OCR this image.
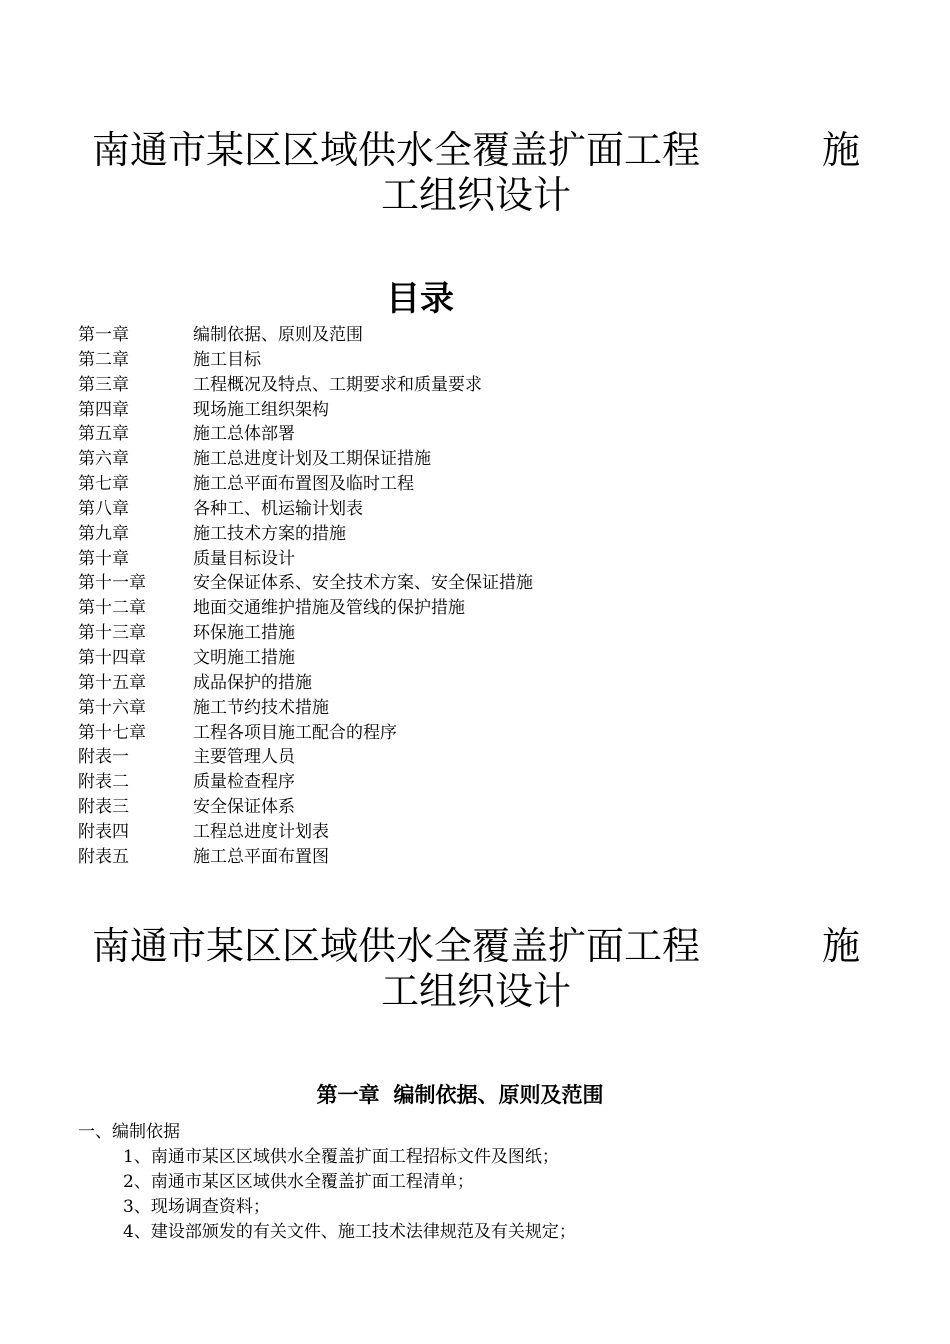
南通市某区区域供水全覆盖扩面工程	施
工组织设计
目录
第一章	编制依据、原则及范围
第二章	施工目标
第三章	工程概况及特点、工期要求和质量要求
第四章	现场施工组织架构
第五章	施工总体部署
第六章	施工总进度计划及工期保证措施
第七章	施工总平面布置图及临时工程
第八章	各种工、机运输计划表
第九章	施工技术方案的措施
第十章	质量目标设计
第十一章	安全保证体系、安全技术方案、安全保证措施
第十二章	地面交通维护措施及管线的保护措施
第十三章	环保施工措施
第十四章	文明施工措施
第十五章	成品保护的措施
第十六章	施工节约技术措施
第十七章	工程各项目施工配合的程序
附表一	主要管理人员
附表二	质量检查程序
附表三	安全保证体系
附表四	工程总进度计划表
附表五	施工总平面布置图
南通市某区区域供水全覆盖扩面工程	施
工组织设计
第一章 编制依据、原则及范围

一、编制依据

1、南通市某区区域供水全覆盖扩面工程招标文件及图纸；
2、南通市某区区域供水全覆盖扩面工程清单；
3、现场调查资料；
4、建设部颁发的有关文件、施工技术法律规范及有关规定；
